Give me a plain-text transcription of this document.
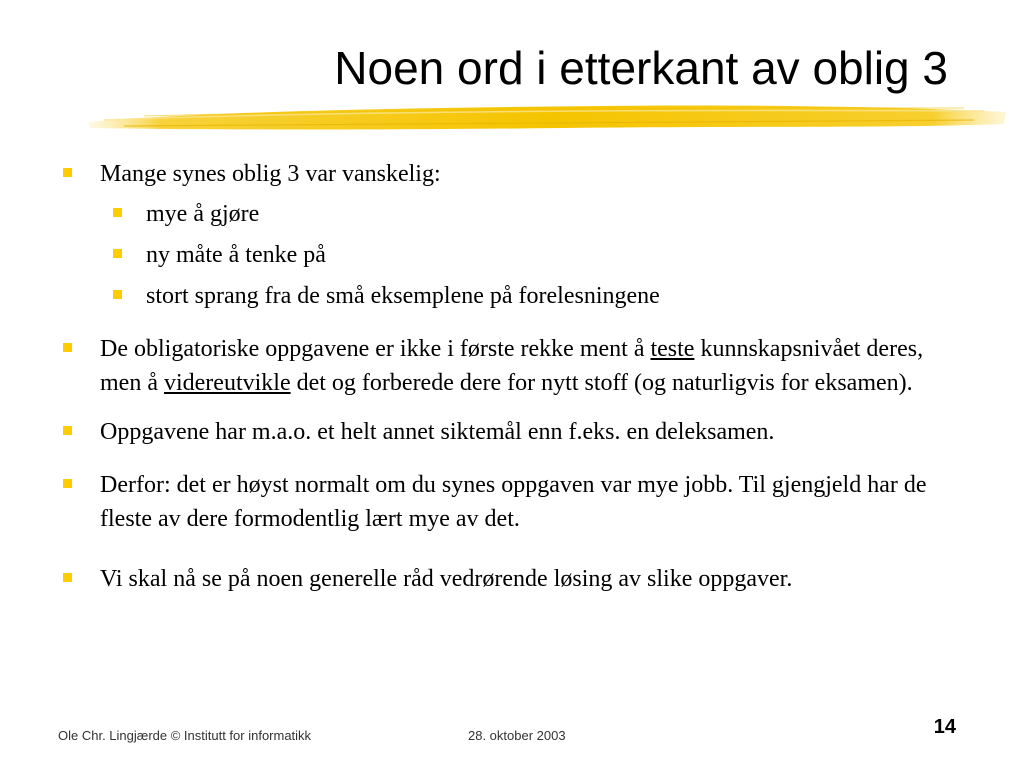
Noen ord i etterkant av oblig 3
Mange synes oblig 3 var vanskelig:
mye å gjøre
ny måte å tenke på
stort sprang fra de små eksemplene på forelesningene
De obligatoriske oppgavene er ikke i første rekke ment å teste kunnskapsnivået deres, men å videreutvikle det og forberede dere for nytt stoff (og naturligvis for eksamen).
Oppgavene har m.a.o. et helt annet siktemål enn f.eks. en deleksamen.
Derfor: det er høyst normalt om du synes oppgaven var mye jobb. Til gjengjeld har de fleste av dere formodentlig lært mye av det.
Vi skal nå se på noen generelle råd vedrørende løsing av slike oppgaver.
Ole Chr. Lingjærde © Institutt for informatikk	28. oktober 2003	14
